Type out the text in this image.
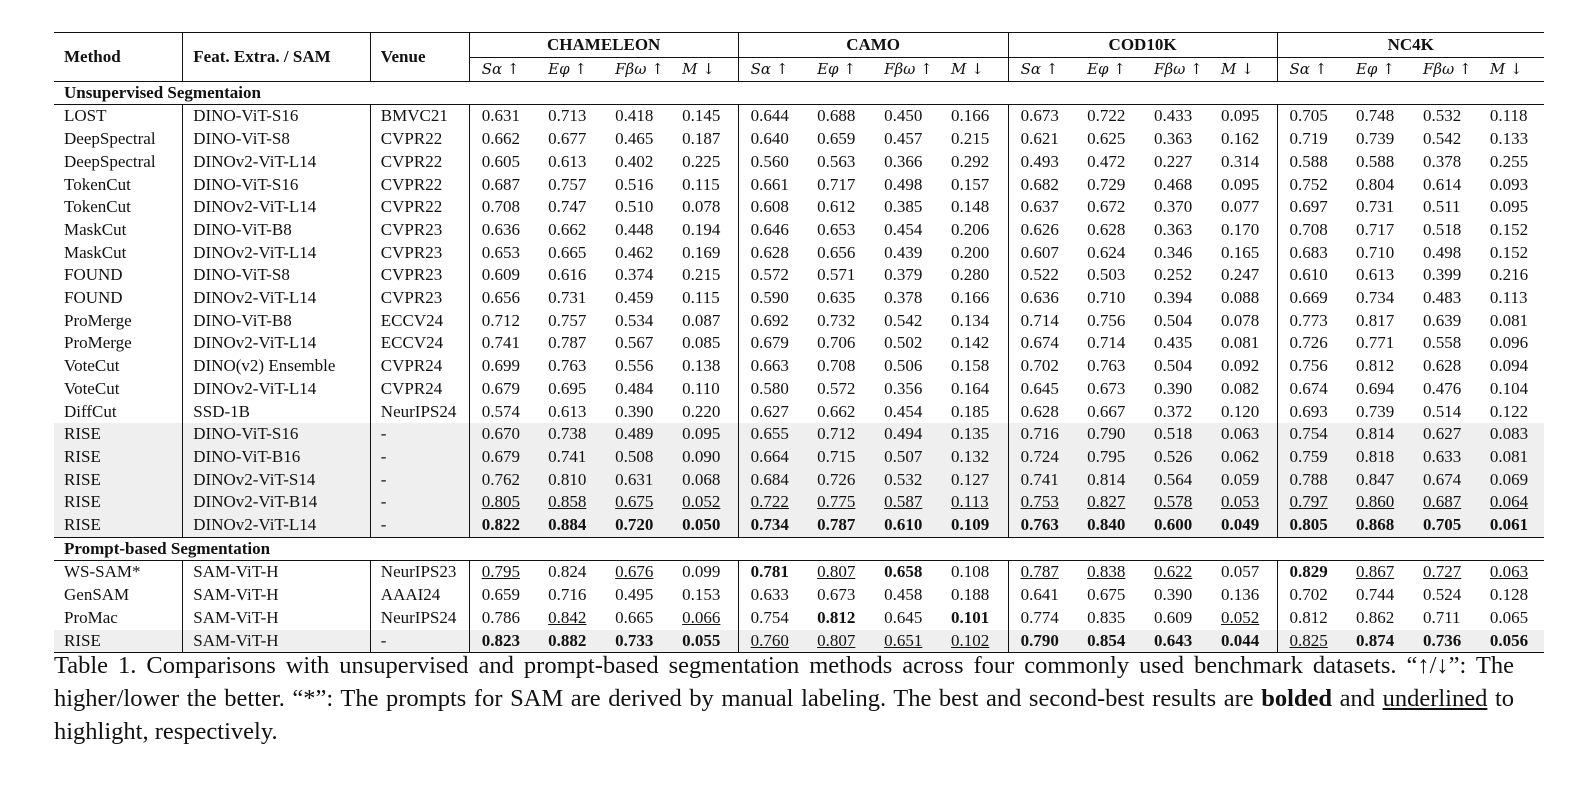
Method	Feat. Extra. / SAM	Venue	CHAMELEON				CAMO				COD10K				NC4K			
			Sα ↑	Eφ ↑	Fβω ↑	M ↓	Sα ↑	Eφ ↑	Fβω ↑	M ↓	Sα ↑	Eφ ↑	Fβω ↑	M ↓	Sα ↑	Eφ ↑	Fβω ↑	M ↓
Unsupervised Segmentaion																		
LOST	DINO-ViT-S16	BMVC21	0.631	0.713	0.418	0.145	0.644	0.688	0.450	0.166	0.673	0.722	0.433	0.095	0.705	0.748	0.532	0.118
DeepSpectral	DINO-ViT-S8	CVPR22	0.662	0.677	0.465	0.187	0.640	0.659	0.457	0.215	0.621	0.625	0.363	0.162	0.719	0.739	0.542	0.133
DeepSpectral	DINOv2-ViT-L14	CVPR22	0.605	0.613	0.402	0.225	0.560	0.563	0.366	0.292	0.493	0.472	0.227	0.314	0.588	0.588	0.378	0.255
TokenCut	DINO-ViT-S16	CVPR22	0.687	0.757	0.516	0.115	0.661	0.717	0.498	0.157	0.682	0.729	0.468	0.095	0.752	0.804	0.614	0.093
TokenCut	DINOv2-ViT-L14	CVPR22	0.708	0.747	0.510	0.078	0.608	0.612	0.385	0.148	0.637	0.672	0.370	0.077	0.697	0.731	0.511	0.095
MaskCut	DINO-ViT-B8	CVPR23	0.636	0.662	0.448	0.194	0.646	0.653	0.454	0.206	0.626	0.628	0.363	0.170	0.708	0.717	0.518	0.152
MaskCut	DINOv2-ViT-L14	CVPR23	0.653	0.665	0.462	0.169	0.628	0.656	0.439	0.200	0.607	0.624	0.346	0.165	0.683	0.710	0.498	0.152
FOUND	DINO-ViT-S8	CVPR23	0.609	0.616	0.374	0.215	0.572	0.571	0.379	0.280	0.522	0.503	0.252	0.247	0.610	0.613	0.399	0.216
FOUND	DINOv2-ViT-L14	CVPR23	0.656	0.731	0.459	0.115	0.590	0.635	0.378	0.166	0.636	0.710	0.394	0.088	0.669	0.734	0.483	0.113
ProMerge	DINO-ViT-B8	ECCV24	0.712	0.757	0.534	0.087	0.692	0.732	0.542	0.134	0.714	0.756	0.504	0.078	0.773	0.817	0.639	0.081
ProMerge	DINOv2-ViT-L14	ECCV24	0.741	0.787	0.567	0.085	0.679	0.706	0.502	0.142	0.674	0.714	0.435	0.081	0.726	0.771	0.558	0.096
VoteCut	DINO(v2) Ensemble	CVPR24	0.699	0.763	0.556	0.138	0.663	0.708	0.506	0.158	0.702	0.763	0.504	0.092	0.756	0.812	0.628	0.094
VoteCut	DINOv2-ViT-L14	CVPR24	0.679	0.695	0.484	0.110	0.580	0.572	0.356	0.164	0.645	0.673	0.390	0.082	0.674	0.694	0.476	0.104
DiffCut	SSD-1B	NeurIPS24	0.574	0.613	0.390	0.220	0.627	0.662	0.454	0.185	0.628	0.667	0.372	0.120	0.693	0.739	0.514	0.122
RISE	DINO-ViT-S16	-	0.670	0.738	0.489	0.095	0.655	0.712	0.494	0.135	0.716	0.790	0.518	0.063	0.754	0.814	0.627	0.083
RISE	DINO-ViT-B16	-	0.679	0.741	0.508	0.090	0.664	0.715	0.507	0.132	0.724	0.795	0.526	0.062	0.759	0.818	0.633	0.081
RISE	DINOv2-ViT-S14	-	0.762	0.810	0.631	0.068	0.684	0.726	0.532	0.127	0.741	0.814	0.564	0.059	0.788	0.847	0.674	0.069
RISE	DINOv2-ViT-B14	-	0.805	0.858	0.675	0.052	0.722	0.775	0.587	0.113	0.753	0.827	0.578	0.053	0.797	0.860	0.687	0.064
RISE	DINOv2-ViT-L14	-	0.822	0.884	0.720	0.050	0.734	0.787	0.610	0.109	0.763	0.840	0.600	0.049	0.805	0.868	0.705	0.061
Prompt-based Segmentation																		
WS-SAM*	SAM-ViT-H	NeurIPS23	0.795	0.824	0.676	0.099	0.781	0.807	0.658	0.108	0.787	0.838	0.622	0.057	0.829	0.867	0.727	0.063
GenSAM	SAM-ViT-H	AAAI24	0.659	0.716	0.495	0.153	0.633	0.673	0.458	0.188	0.641	0.675	0.390	0.136	0.702	0.744	0.524	0.128
ProMac	SAM-ViT-H	NeurIPS24	0.786	0.842	0.665	0.066	0.754	0.812	0.645	0.101	0.774	0.835	0.609	0.052	0.812	0.862	0.711	0.065
RISE	SAM-ViT-H	-	0.823	0.882	0.733	0.055	0.760	0.807	0.651	0.102	0.790	0.854	0.643	0.044	0.825	0.874	0.736	0.056
Table 1. Comparisons with unsupervised and prompt-based segmentation methods across four commonly used benchmark datasets. “↑/↓”: The higher/lower the better. “*”: The prompts for SAM are derived by manual labeling. The best and second-best results are bolded and underlined to highlight, respectively.
